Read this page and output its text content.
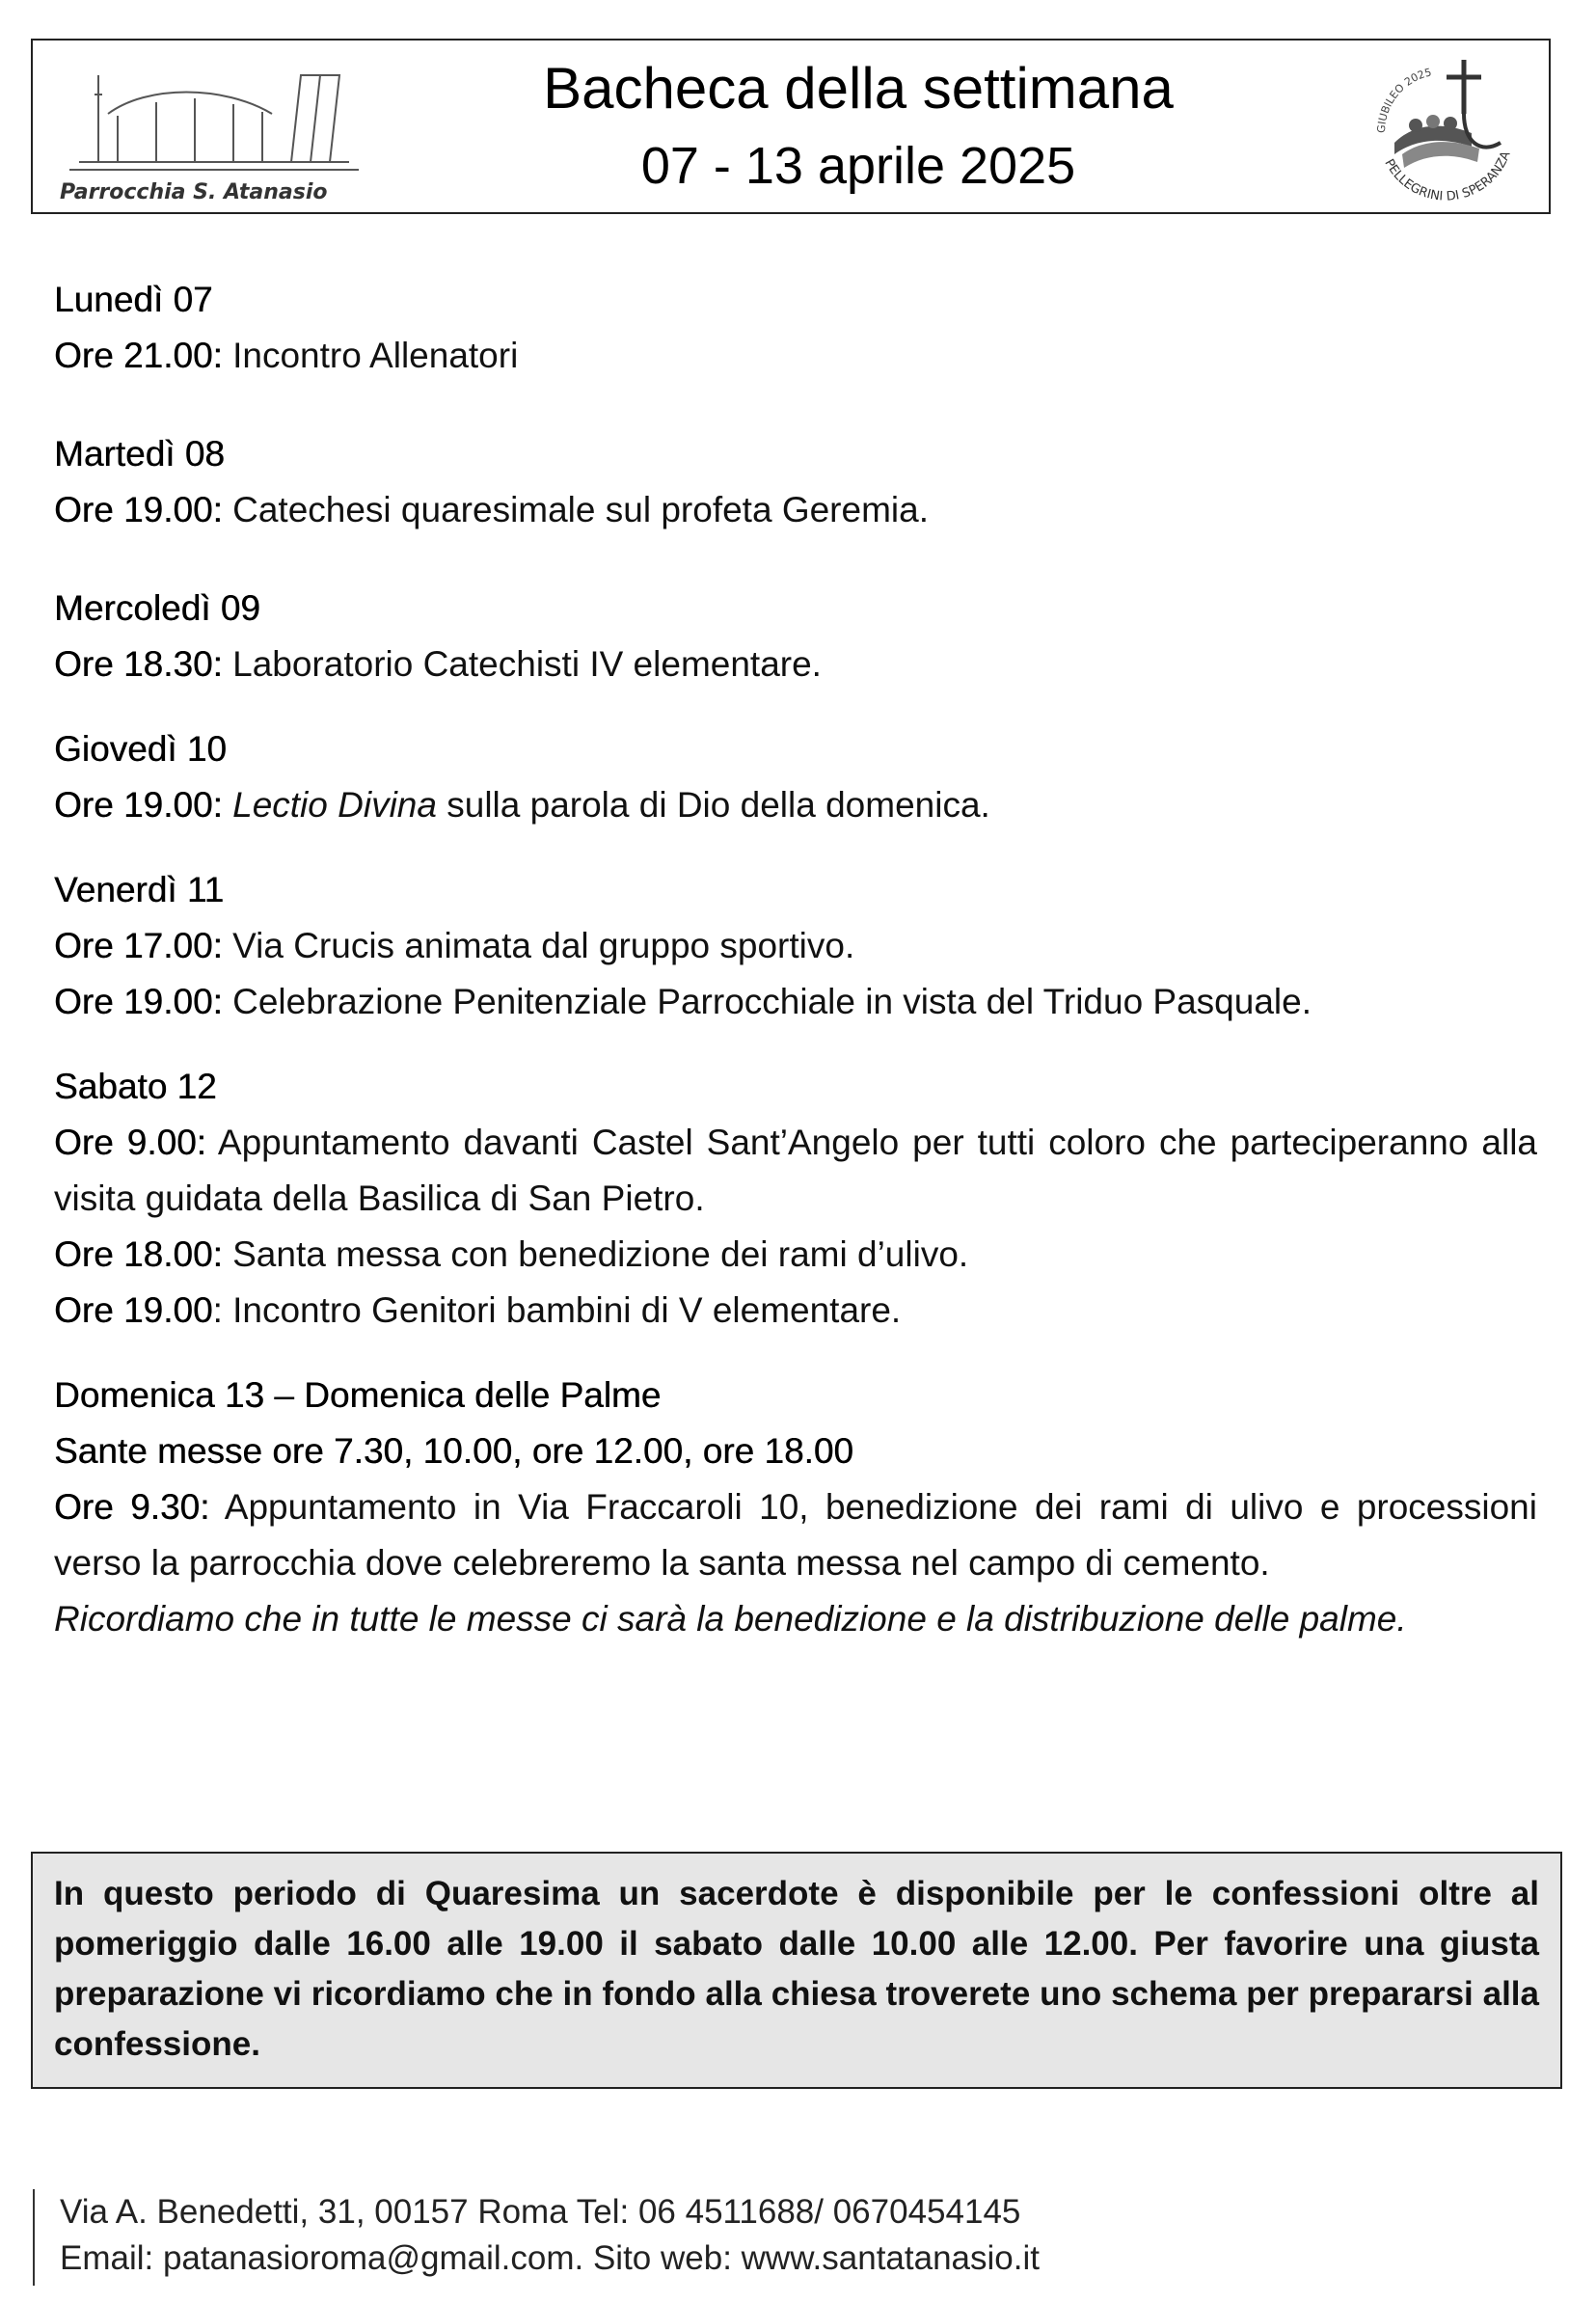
Parrocchia S. Atanasio
Bacheca della settimana
07 - 13 aprile 2025
GIUBILEO 2025
PELLEGRINI DI SPERANZA
Lunedì 07
Ore 21.00: Incontro Allenatori
Martedì 08
Ore 19.00: Catechesi quaresimale sul profeta Geremia.
Mercoledì 09
Ore 18.30: Laboratorio Catechisti IV elementare.
Giovedì 10
Ore 19.00: Lectio Divina sulla parola di Dio della domenica.
Venerdì 11
Ore 17.00: Via Crucis animata dal gruppo sportivo.
Ore 19.00: Celebrazione Penitenziale Parrocchiale in vista del Triduo Pasquale.
Sabato 12
Ore 9.00: Appuntamento davanti Castel Sant’Angelo per tutti coloro che parteciperanno alla visita guidata della Basilica di San Pietro.
Ore 18.00: Santa messa con benedizione dei rami d’ulivo.
Ore 19.00: Incontro Genitori bambini di V elementare.
Domenica 13 – Domenica delle Palme
Sante messe ore 7.30, 10.00, ore 12.00, ore 18.00
Ore 9.30: Appuntamento in Via Fraccaroli 10, benedizione dei rami di ulivo e processioni verso la parrocchia dove celebreremo la santa messa nel campo di cemento.
Ricordiamo che in tutte le messe ci sarà la benedizione e la distribuzione delle palme.
In questo periodo di Quaresima un sacerdote è disponibile per le confessioni oltre al pomeriggio dalle 16.00 alle 19.00 il sabato dalle 10.00 alle 12.00. Per favorire una giusta preparazione vi ricordiamo che in fondo alla chiesa troverete uno schema per prepararsi alla confessione.
Via A. Benedetti, 31, 00157 Roma Tel: 06 4511688/ 0670454145
Email: patanasioroma@gmail.com. Sito web: www.santatanasio.it
